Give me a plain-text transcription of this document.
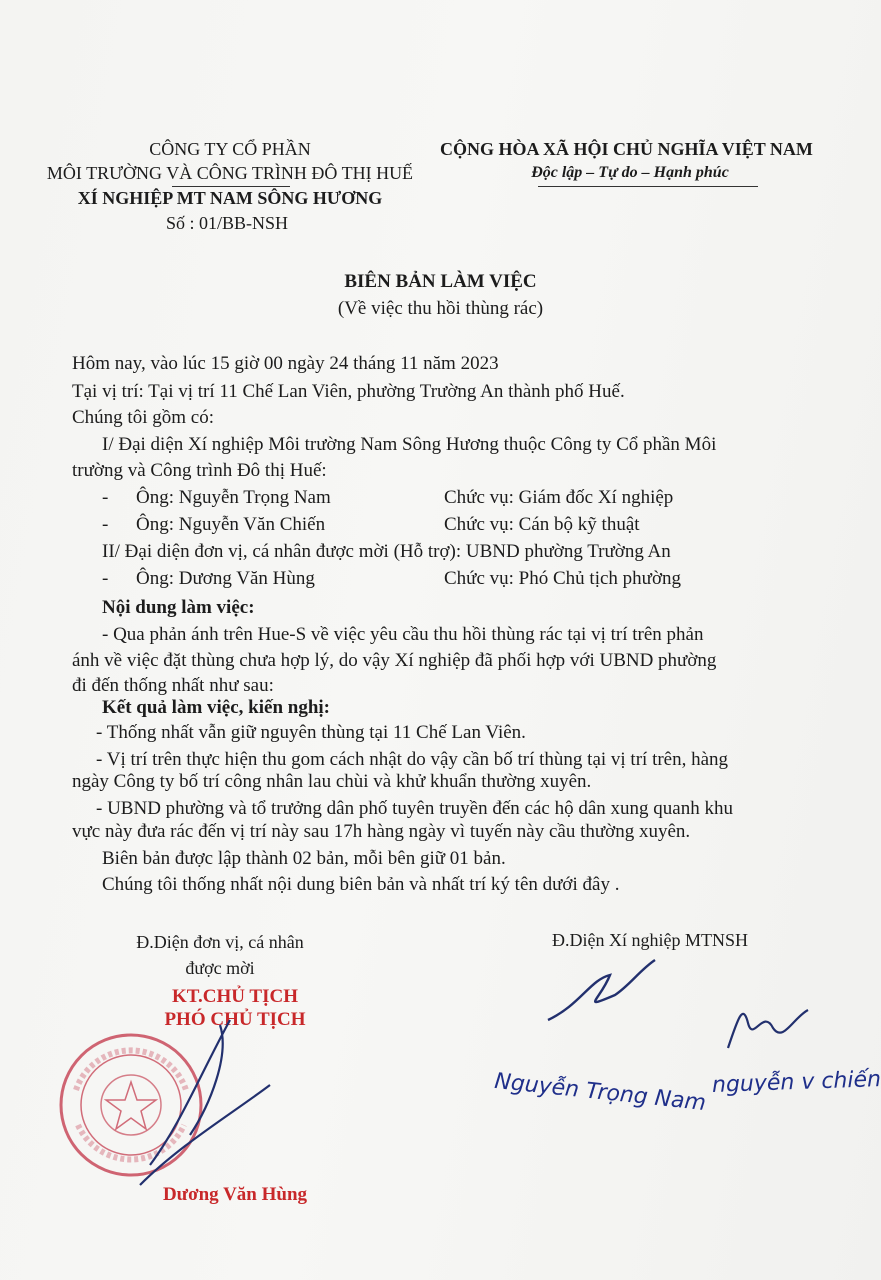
CÔNG TY CỔ PHẦN
MÔI TRƯỜNG VÀ CÔNG TRÌNH ĐÔ THỊ HUẾ
XÍ NGHIỆP MT NAM SÔNG HƯƠNG
Số : 01/BB-NSH
CỘNG HÒA XÃ HỘI CHỦ NGHĨA VIỆT NAM
Độc lập – Tự do – Hạnh phúc
BIÊN BẢN LÀM VIỆC
(Về việc thu hồi thùng rác)
Hôm nay, vào lúc 15 giờ 00 ngày 24 tháng 11 năm 2023
Tại vị trí: Tại vị trí 11 Chế Lan Viên, phường Trường An thành phố Huế.
Chúng tôi gồm có:
I/ Đại diện Xí nghiệp Môi trường Nam Sông Hương thuộc Công ty Cổ phần Môi
trường và Công trình Đô thị Huế:
- Ông: Nguyễn Trọng Nam	Chức vụ: Giám đốc Xí nghiệp
- Ông: Nguyễn Văn Chiến	Chức vụ: Cán bộ kỹ thuật
II/ Đại diện đơn vị, cá nhân được mời (Hỗ trợ): UBND phường Trường An
- Ông: Dương Văn Hùng	Chức vụ: Phó Chủ tịch phường
Nội dung làm việc:
- Qua phản ánh trên Hue-S về việc yêu cầu thu hồi thùng rác tại vị trí trên phản
ánh về việc đặt thùng chưa hợp lý, do vậy Xí nghiệp đã phối hợp với UBND phường
đi đến thống nhất như sau:
Kết quả làm việc, kiến nghị:
- Thống nhất vẫn giữ nguyên thùng tại 11 Chế Lan Viên.
- Vị trí trên thực hiện thu gom cách nhật do vậy cần bố trí thùng tại vị trí trên, hàng
ngày Công ty bố trí công nhân lau chùi và khử khuẩn thường xuyên.
- UBND phường và tổ trưởng dân phố tuyên truyền đến các hộ dân xung quanh khu
vực này đưa rác đến vị trí này sau 17h hàng ngày vì tuyến này cầu thường xuyên.
Biên bản được lập thành 02 bản, mỗi bên giữ 01 bản.
Chúng tôi thống nhất nội dung biên bản và nhất trí ký tên dưới đây .
Đ.Diện đơn vị, cá nhân
được mời
KT.CHỦ TỊCH
PHÓ CHỦ TỊCH
Dương Văn Hùng
Đ.Diện Xí nghiệp MTNSH
Nguyễn Trọng Nam nguyễn v chiến
